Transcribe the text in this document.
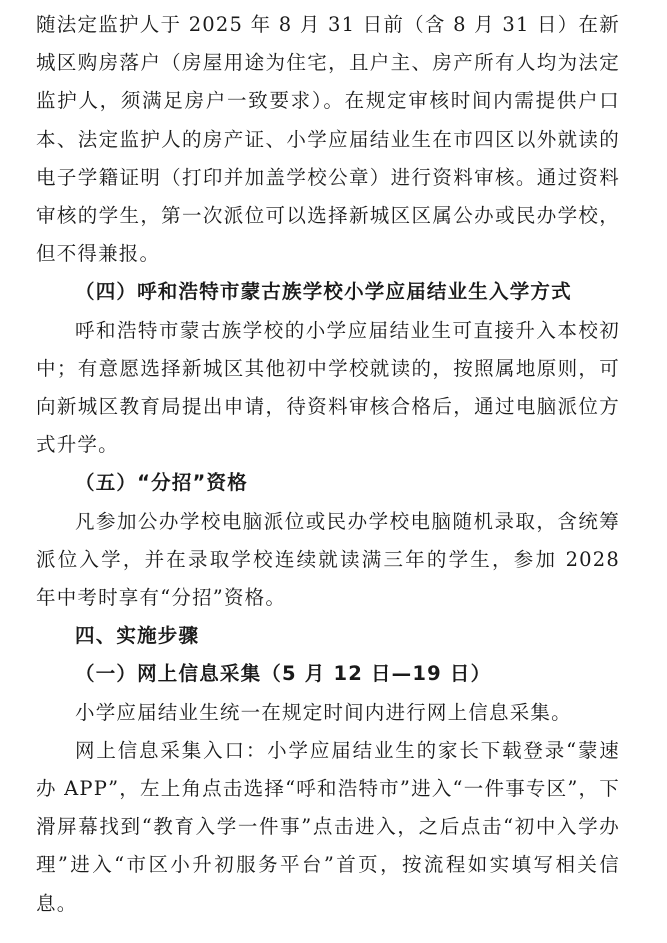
随法定监护人于 2025 年 8 月 31 日前（含 8 月 31 日）在新城区购房落户（房屋用途为住宅，且户主、房产所有人均为法定监护人，须满足房户一致要求）。在规定审核时间内需提供户口本、法定监护人的房产证、小学应届结业生在市四区以外就读的电子学籍证明（打印并加盖学校公章）进行资料审核。通过资料审核的学生，第一次派位可以选择新城区区属公办或民办学校，但不得兼报。

（四）呼和浩特市蒙古族学校小学应届结业生入学方式

呼和浩特市蒙古族学校的小学应届结业生可直接升入本校初中；有意愿选择新城区其他初中学校就读的，按照属地原则，可向新城区教育局提出申请，待资料审核合格后，通过电脑派位方式升学。

（五）“分招”资格

凡参加公办学校电脑派位或民办学校电脑随机录取，含统筹派位入学，并在录取学校连续就读满三年的学生，参加 2028 年中考时享有“分招”资格。

四、实施步骤

（一）网上信息采集（5 月 12 日—19 日）

小学应届结业生统一在规定时间内进行网上信息采集。

网上信息采集入口：小学应届结业生的家长下载登录“蒙速办 APP”，左上角点击选择“呼和浩特市”进入“一件事专区”，下滑屏幕找到“教育入学一件事”点击进入，之后点击“初中入学办理”进入“市区小升初服务平台”首页，按流程如实填写相关信息。
